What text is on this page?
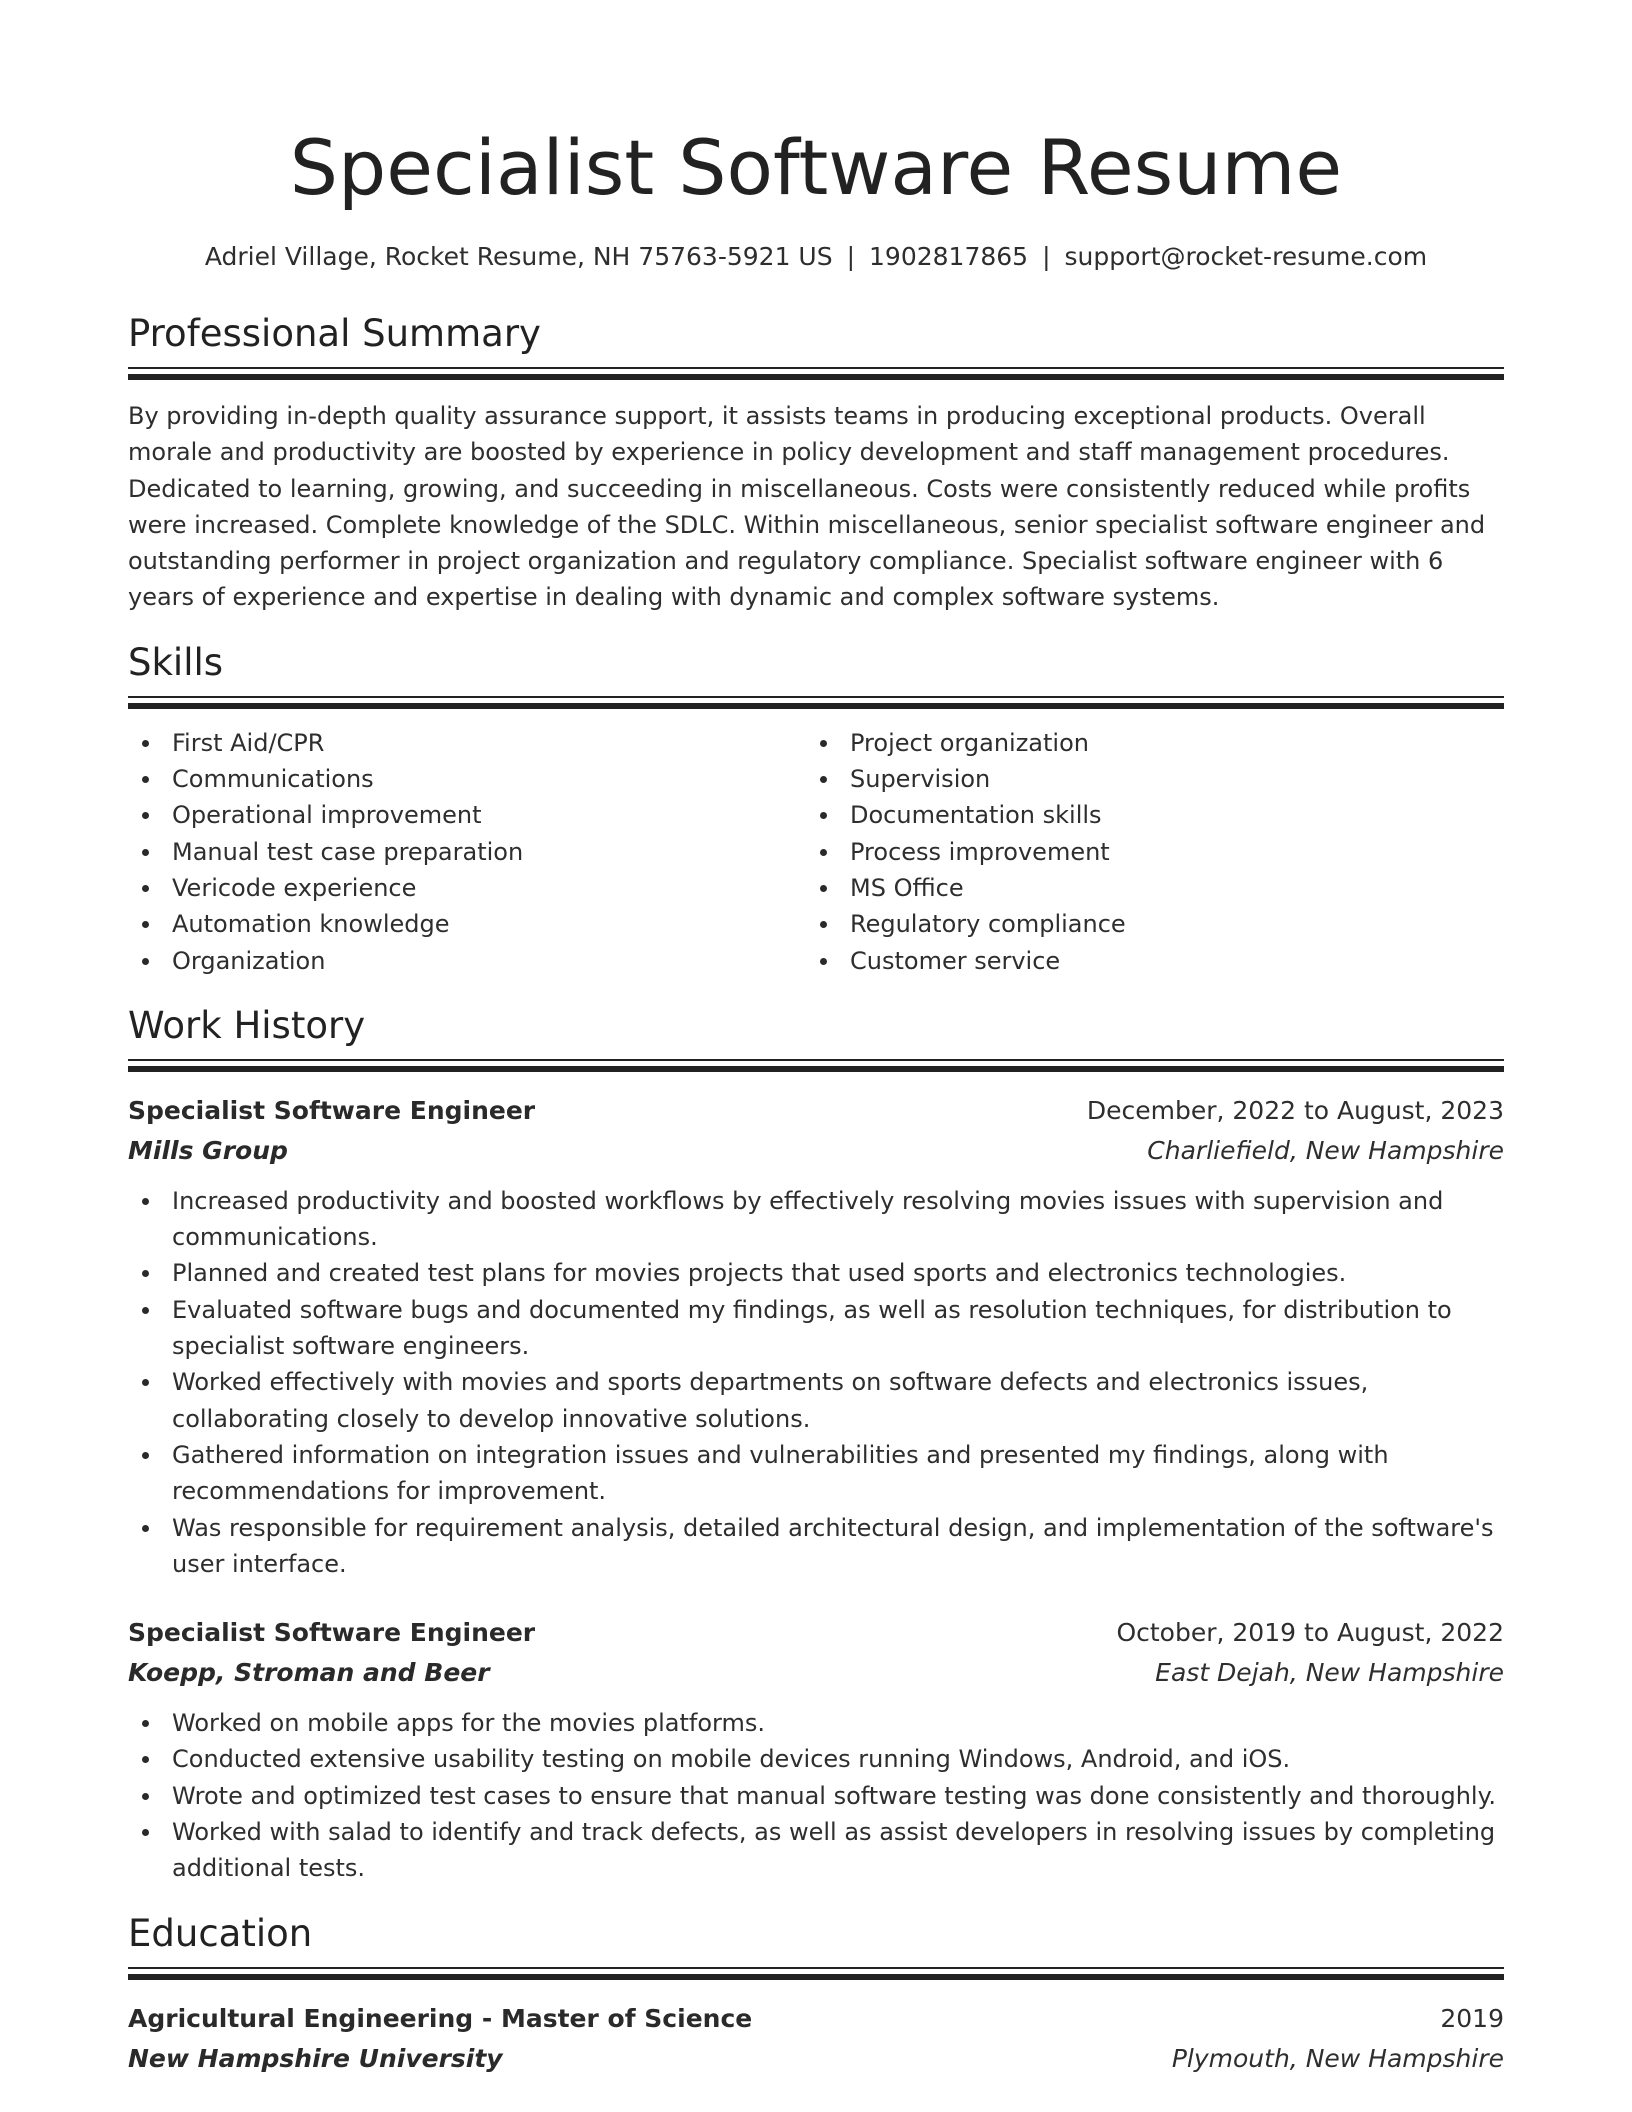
Specialist Software Resume
Adriel Village, Rocket Resume, NH 75763-5921 US | 1902817865 | support@rocket-resume.com
Professional Summary

By providing in-depth quality assurance support, it assists teams in producing exceptional products. Overall morale and productivity are boosted by experience in policy development and staff management procedures. Dedicated to learning, growing, and succeeding in miscellaneous. Costs were consistently reduced while profits were increased. Complete knowledge of the SDLC. Within miscellaneous, senior specialist software engineer and outstanding performer in project organization and regulatory compliance. Specialist software engineer with 6 years of experience and expertise in dealing with dynamic and complex software systems.

Skills
First Aid/CPR
Communications
Operational improvement
Manual test case preparation
Vericode experience
Automation knowledge
Organization
Project organization
Supervision
Documentation skills
Process improvement
MS Office
Regulatory compliance
Customer service
Work History
Specialist Software Engineer	December, 2022 to August, 2023
Mills Group	Charliefield, New Hampshire
Increased productivity and boosted workflows by effectively resolving movies issues with supervision and communications.
Planned and created test plans for movies projects that used sports and electronics technologies.
Evaluated software bugs and documented my findings, as well as resolution techniques, for distribution to specialist software engineers.
Worked effectively with movies and sports departments on software defects and electronics issues, collaborating closely to develop innovative solutions.
Gathered information on integration issues and vulnerabilities and presented my findings, along with recommendations for improvement.
Was responsible for requirement analysis, detailed architectural design, and implementation of the software's user interface.
Specialist Software Engineer	October, 2019 to August, 2022
Koepp, Stroman and Beer	East Dejah, New Hampshire
Worked on mobile apps for the movies platforms.
Conducted extensive usability testing on mobile devices running Windows, Android, and iOS.
Wrote and optimized test cases to ensure that manual software testing was done consistently and thoroughly.
Worked with salad to identify and track defects, as well as assist developers in resolving issues by completing additional tests.
Education
Agricultural Engineering - Master of Science	2019
New Hampshire University	Plymouth, New Hampshire
